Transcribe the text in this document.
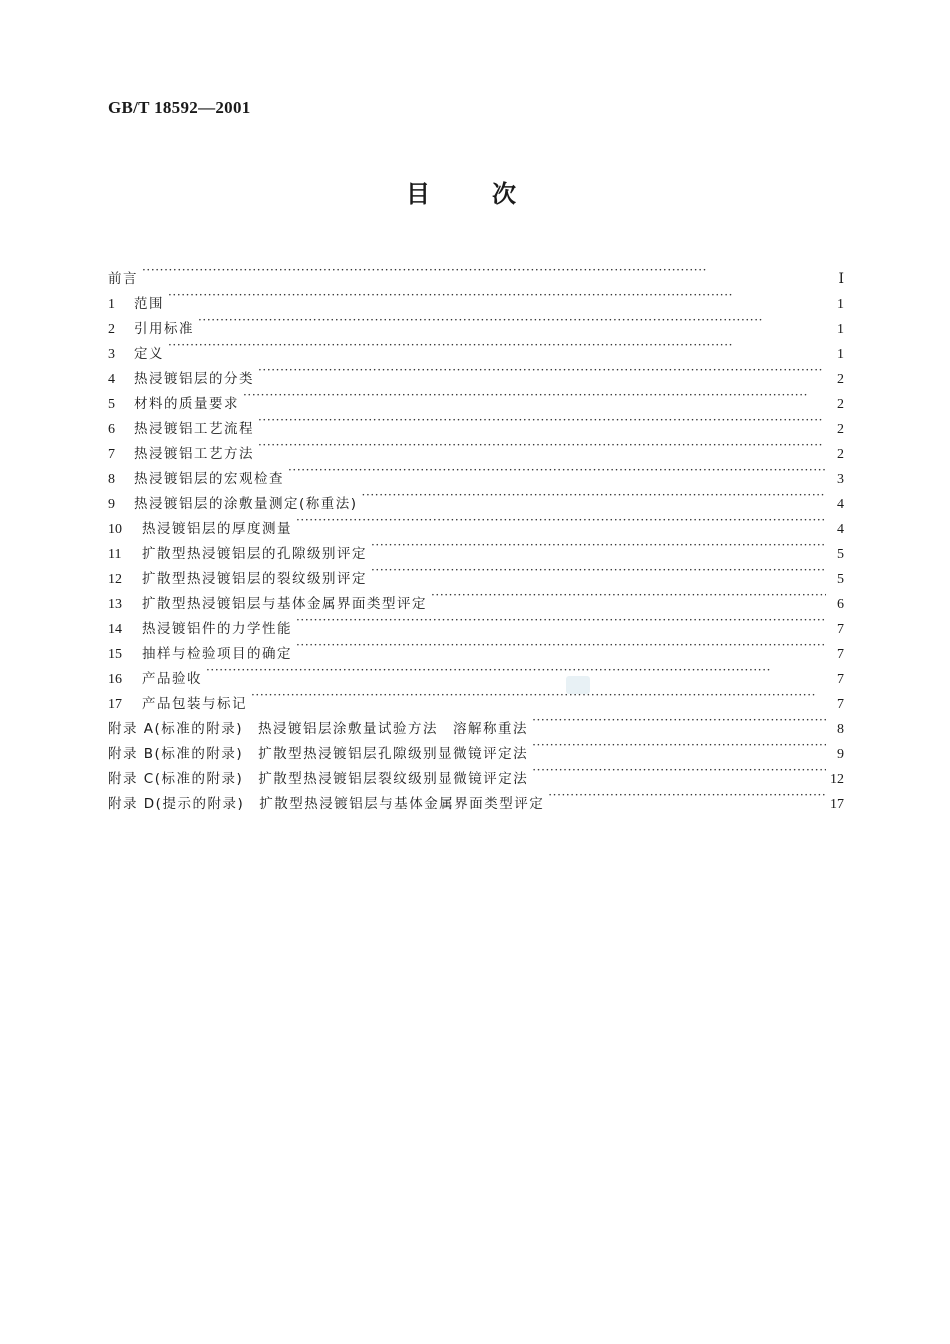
GB/T 18592—2001
目次
前言 ·····	Ⅰ
1	范围 ·····	1
2	引用标准 ·····	1
3	定义 ·····	1
4	热浸镀铝层的分类 ·····	2
5	材料的质量要求 ·····	2
6	热浸镀铝工艺流程 ·····	2
7	热浸镀铝工艺方法 ·····	2
8	热浸镀铝层的宏观检查 ·····	3
9	热浸镀铝层的涂敷量测定(称重法) ·····	4
10	热浸镀铝层的厚度测量 ·····	4
11	扩散型热浸镀铝层的孔隙级别评定 ·····	5
12	扩散型热浸镀铝层的裂纹级别评定 ·····	5
13	扩散型热浸镀铝层与基体金属界面类型评定 ·····	6
14	热浸镀铝件的力学性能 ·····	7
15	抽样与检验项目的确定 ·····	7
16	产品验收 ·····	7
17	产品包装与标记 ·····	7
附录 A(标准的附录)　热浸镀铝层涂敷量试验方法　溶解称重法 ·····	8
附录 B(标准的附录)　扩散型热浸镀铝层孔隙级别显微镜评定法 ·····	9
附录 C(标准的附录)　扩散型热浸镀铝层裂纹级别显微镜评定法 ·····	12
附录 D(提示的附录)　扩散型热浸镀铝层与基体金属界面类型评定 ·····	17
